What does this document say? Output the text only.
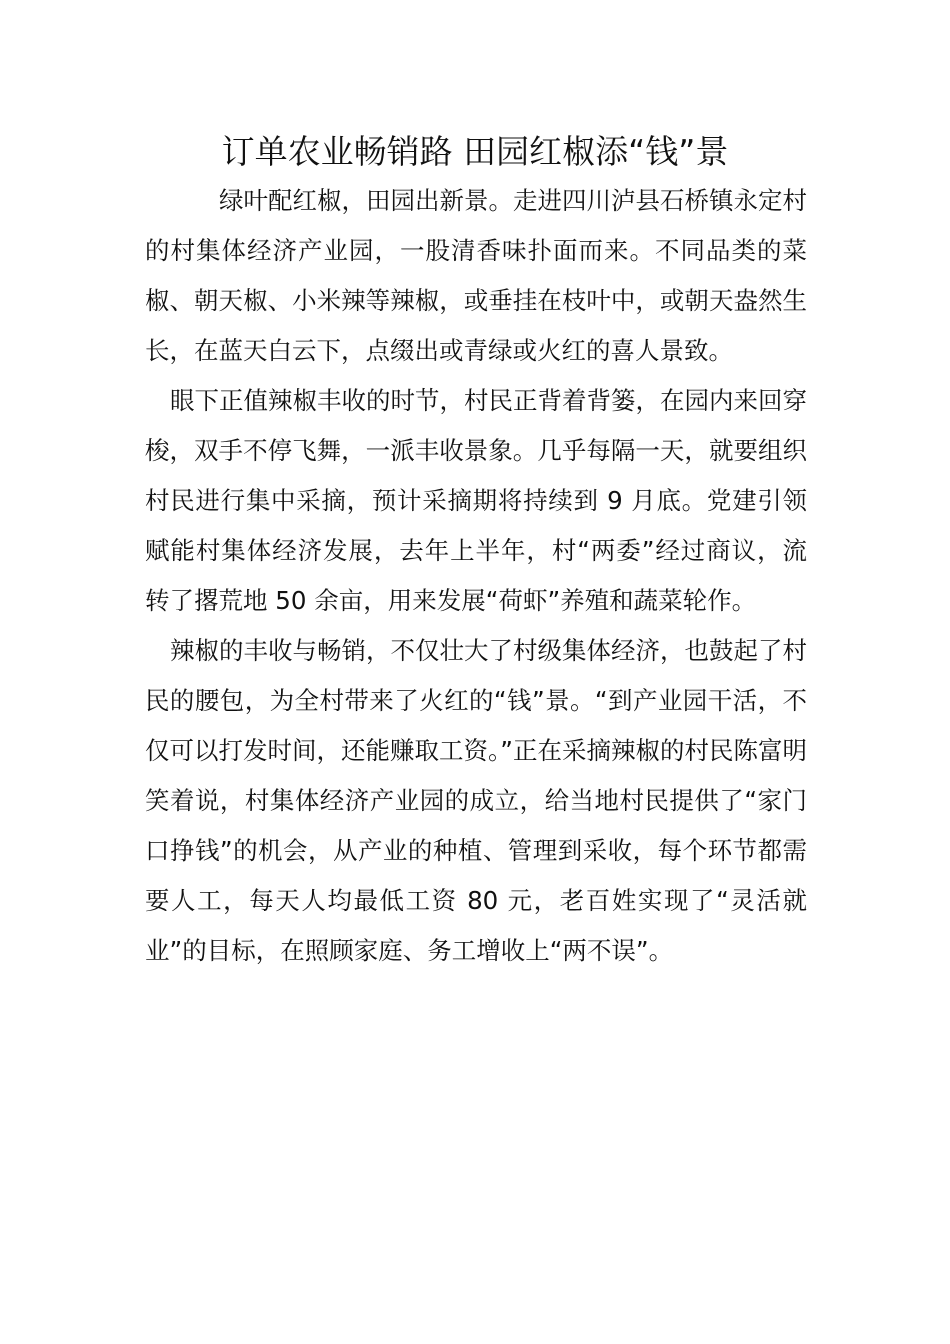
订单农业畅销路 田园红椒添“钱”景

绿叶配红椒，田园出新景。走进四川泸县石桥镇永定村的村集体经济产业园，一股清香味扑面而来。不同品类的菜椒、朝天椒、小米辣等辣椒，或垂挂在枝叶中，或朝天盎然生长，在蓝天白云下，点缀出或青绿或火红的喜人景致。

眼下正值辣椒丰收的时节，村民正背着背篓，在园内来回穿梭，双手不停飞舞，一派丰收景象。几乎每隔一天，就要组织村民进行集中采摘，预计采摘期将持续到 9 月底。党建引领赋能村集体经济发展，去年上半年，村“两委”经过商议，流转了撂荒地 50 余亩，用来发展“荷虾”养殖和蔬菜轮作。

辣椒的丰收与畅销，不仅壮大了村级集体经济，也鼓起了村民的腰包，为全村带来了火红的“钱”景。“到产业园干活，不仅可以打发时间，还能赚取工资。”正在采摘辣椒的村民陈富明笑着说，村集体经济产业园的成立，给当地村民提供了“家门口挣钱”的机会，从产业的种植、管理到采收，每个环节都需要人工，每天人均最低工资 80 元，老百姓实现了“灵活就业”的目标，在照顾家庭、务工增收上“两不误”。
